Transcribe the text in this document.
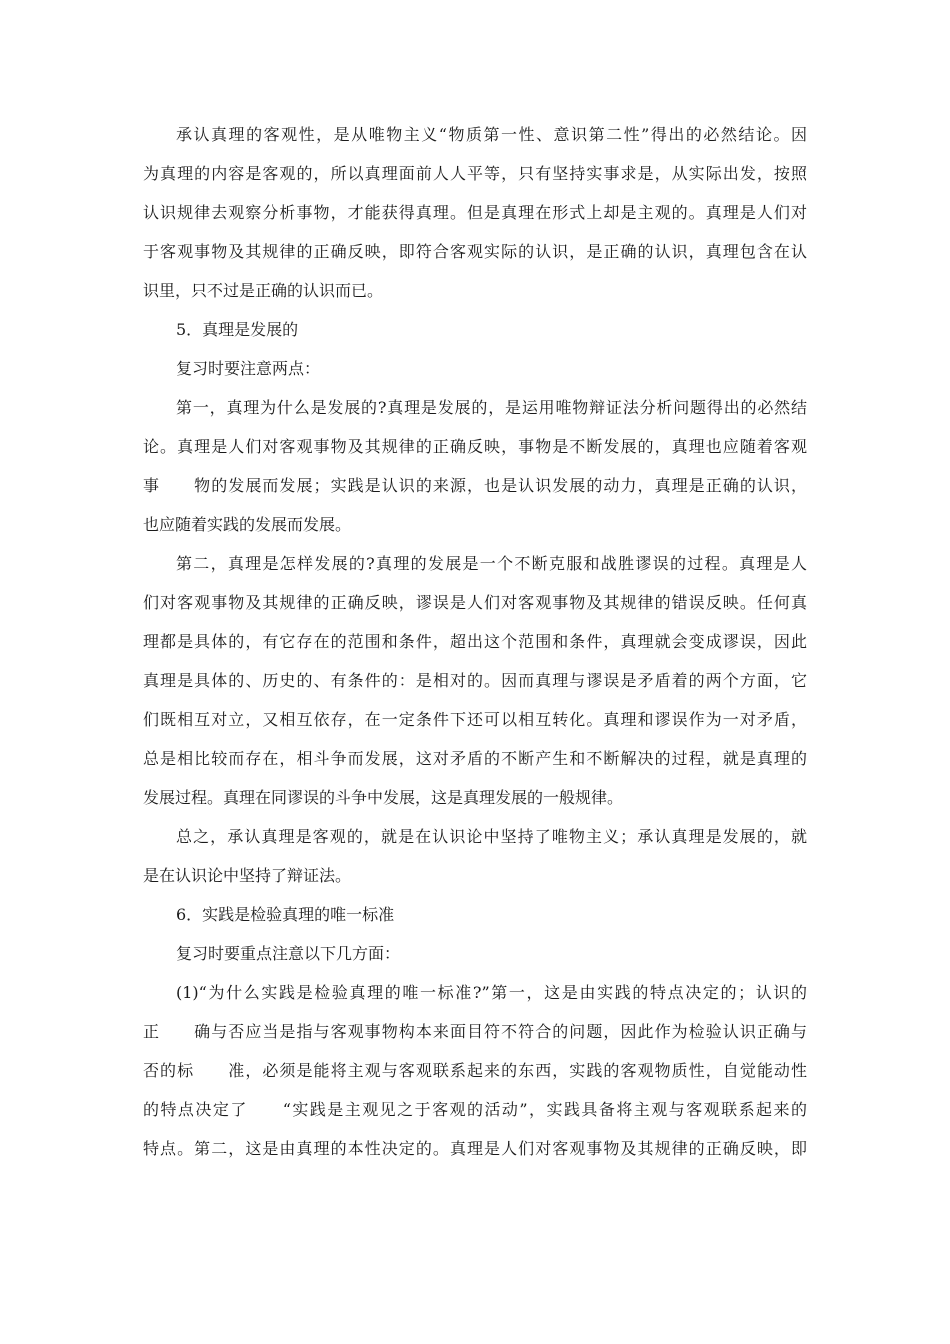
承认真理的客观性，是从唯物主义“物质第一性、意识第二性”得出的必然结论。因
为真理的内容是客观的，所以真理面前人人平等，只有坚持实事求是，从实际出发，按照
认识规律去观察分析事物，才能获得真理。但是真理在形式上却是主观的。真理是人们对
于客观事物及其规律的正确反映，即符合客观实际的认识，是正确的认识，真理包含在认
识里，只不过是正确的认识而已。
5．真理是发展的
复习时要注意两点：
第一，真理为什么是发展的?真理是发展的，是运用唯物辩证法分析问题得出的必然结
论。真理是人们对客观事物及其规律的正确反映，事物是不断发展的，真理也应随着客观
事　　物的发展而发展；实践是认识的来源，也是认识发展的动力，真理是正确的认识，
也应随着实践的发展而发展。
第二，真理是怎样发展的?真理的发展是一个不断克服和战胜谬误的过程。真理是人
们对客观事物及其规律的正确反映，谬误是人们对客观事物及其规律的错误反映。任何真
理都是具体的，有它存在的范围和条件，超出这个范围和条件，真理就会变成谬误，因此
真理是具体的、历史的、有条件的：是相对的。因而真理与谬误是矛盾着的两个方面，它
们既相互对立，又相互依存，在一定条件下还可以相互转化。真理和谬误作为一对矛盾，
总是相比较而存在，相斗争而发展，这对矛盾的不断产生和不断解决的过程，就是真理的
发展过程。真理在同谬误的斗争中发展，这是真理发展的一般规律。
总之，承认真理是客观的，就是在认识论中坚持了唯物主义；承认真理是发展的，就
是在认识论中坚持了辩证法。
6．实践是检验真理的唯一标准
复习时要重点注意以下几方面：
(1)“为什么实践是检验真理的唯一标准?”第一，这是由实践的特点决定的；认识的
正　　确与否应当是指与客观事物构本来面目符不符合的问题，因此作为检验认识正确与
否的标　　准，必须是能将主观与客观联系起来的东西，实践的客观物质性，自觉能动性
的特点决定了　　“实践是主观见之于客观的活动”，实践具备将主观与客观联系起来的
特点。第二，这是由真理的本性决定的。真理是人们对客观事物及其规律的正确反映，即
